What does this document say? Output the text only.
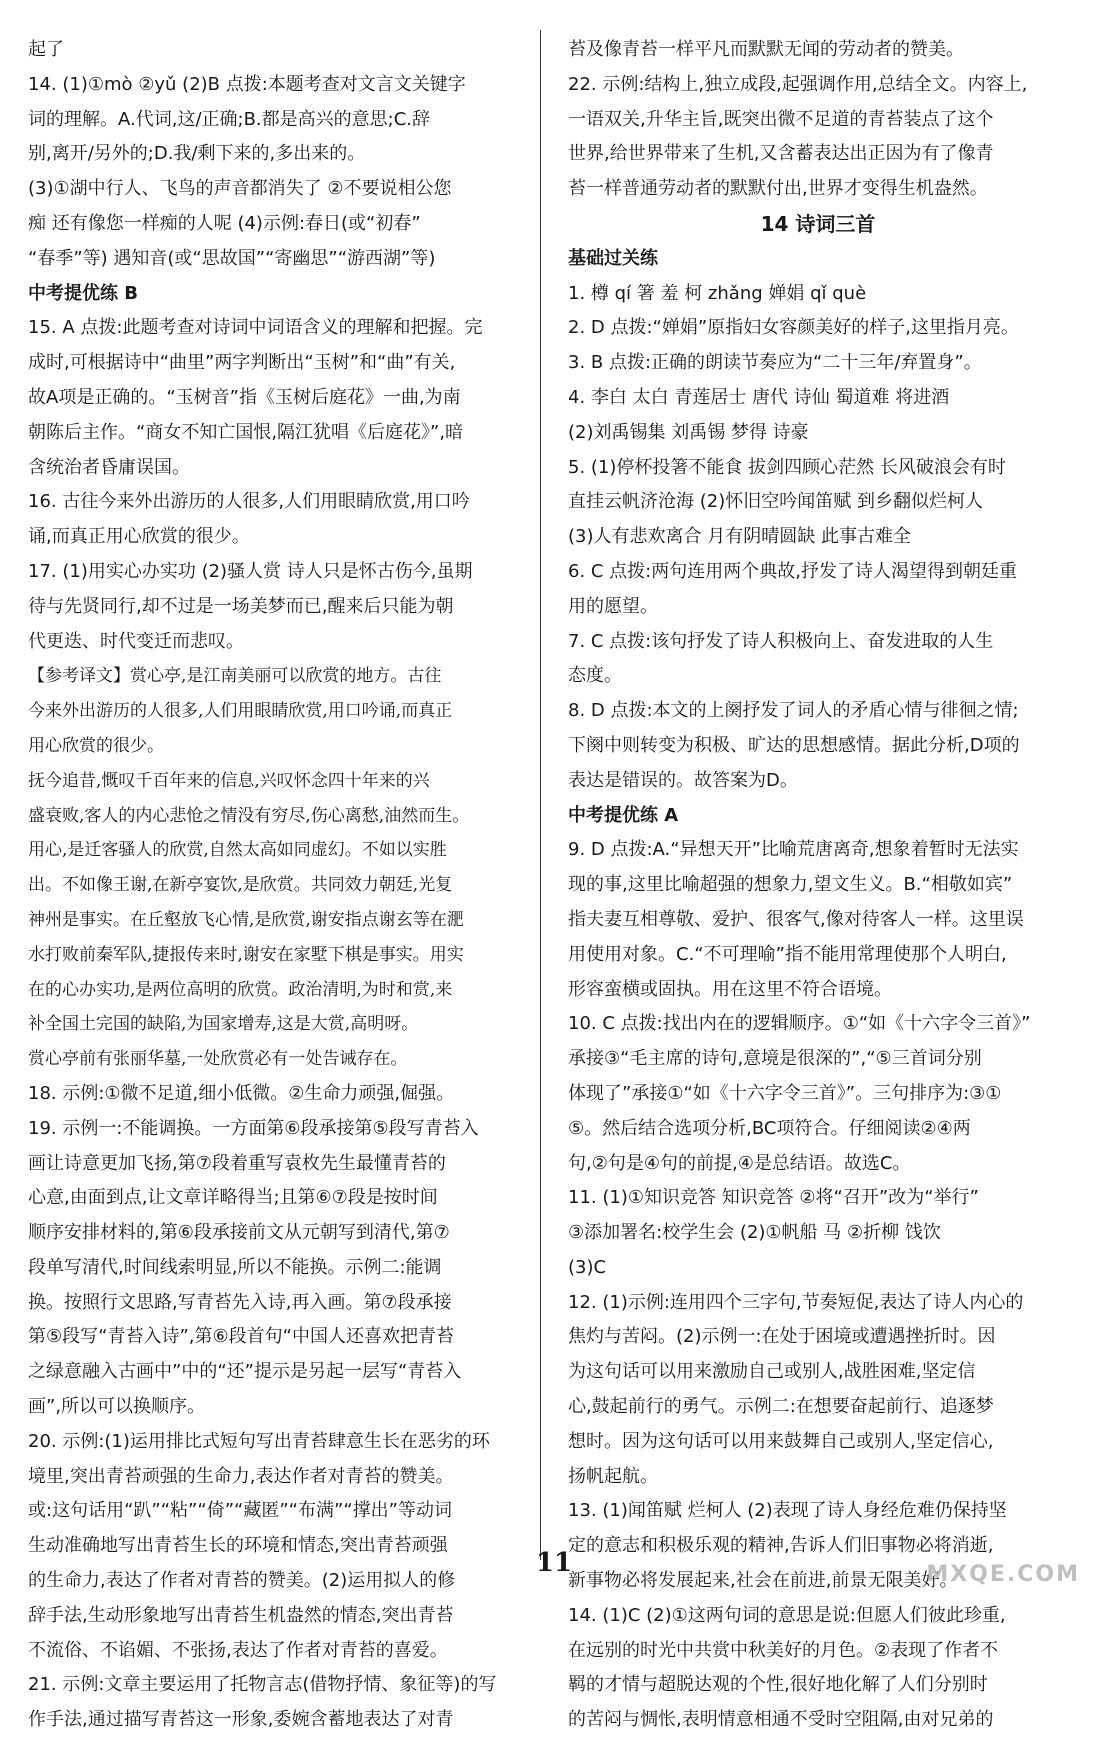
起了
14. (1)①mò ②yǔ (2)B 点拨:本题考查对文言文关键字
词的理解。A.代词,这/正确;B.都是高兴的意思;C.辞
别,离开/另外的;D.我/剩下来的,多出来的。
(3)①湖中行人、飞鸟的声音都消失了 ②不要说相公您
痴 还有像您一样痴的人呢 (4)示例:春日(或“初春”
“春季”等) 遇知音(或“思故国”“寄幽思”“游西湖”等)
中考提优练 B
15. A 点拨:此题考查对诗词中词语含义的理解和把握。完
成时,可根据诗中“曲里”两字判断出“玉树”和“曲”有关,
故A项是正确的。“玉树音”指《玉树后庭花》一曲,为南
朝陈后主作。“商女不知亡国恨,隔江犹唱《后庭花》”,暗
含统治者昏庸误国。
16. 古往今来外出游历的人很多,人们用眼睛欣赏,用口吟
诵,而真正用心欣赏的很少。
17. (1)用实心办实功 (2)骚人赏 诗人只是怀古伤今,虽期
待与先贤同行,却不过是一场美梦而已,醒来后只能为朝
代更迭、时代变迁而悲叹。
【参考译文】赏心亭,是江南美丽可以欣赏的地方。古往
今来外出游历的人很多,人们用眼睛欣赏,用口吟诵,而真正
用心欣赏的很少。
抚今追昔,慨叹千百年来的信息,兴叹怀念四十年来的兴
盛衰败,客人的内心悲怆之情没有穷尽,伤心离愁,油然而生。
用心,是迁客骚人的欣赏,自然太高如同虚幻。不如以实胜
出。不如像王谢,在新亭宴饮,是欣赏。共同效力朝廷,光复
神州是事实。在丘壑放飞心情,是欣赏,谢安指点谢玄等在淝
水打败前秦军队,捷报传来时,谢安在家墅下棋是事实。用实
在的心办实功,是两位高明的欣赏。政治清明,为时和赏,来
补全国土完国的缺陷,为国家增寿,这是大赏,高明呀。
赏心亭前有张丽华墓,一处欣赏必有一处告诫存在。
18. 示例:①微不足道,细小低微。②生命力顽强,倔强。
19. 示例一:不能调换。一方面第⑥段承接第⑤段写青苔入
画让诗意更加飞扬,第⑦段着重写袁枚先生最懂青苔的
心意,由面到点,让文章详略得当;且第⑥⑦段是按时间
顺序安排材料的,第⑥段承接前文从元朝写到清代,第⑦
段单写清代,时间线索明显,所以不能换。示例二:能调
换。按照行文思路,写青苔先入诗,再入画。第⑦段承接
第⑤段写“青苔入诗”,第⑥段首句“中国人还喜欢把青苔
之绿意融入古画中”中的“还”提示是另起一层写“青苔入
画”,所以可以换顺序。
20. 示例:(1)运用排比式短句写出青苔肆意生长在恶劣的环
境里,突出青苔顽强的生命力,表达作者对青苔的赞美。
或:这句话用“趴”“粘”“倚”“藏匿”“布满”“撑出”等动词
生动准确地写出青苔生长的环境和情态,突出青苔顽强
的生命力,表达了作者对青苔的赞美。(2)运用拟人的修
辞手法,生动形象地写出青苔生机盎然的情态,突出青苔
不流俗、不谄媚、不张扬,表达了作者对青苔的喜爱。
21. 示例:文章主要运用了托物言志(借物抒情、象征等)的写
作手法,通过描写青苔这一形象,委婉含蓄地表达了对青
苔及像青苔一样平凡而默默无闻的劳动者的赞美。
22. 示例:结构上,独立成段,起强调作用,总结全文。内容上,
一语双关,升华主旨,既突出微不足道的青苔装点了这个
世界,给世界带来了生机,又含蓄表达出正因为有了像青
苔一样普通劳动者的默默付出,世界才变得生机盎然。
14 诗词三首
基础过关练
1. 樽 qí 箸 羞 柯 zhǎng 婵娟 qǐ què
2. D 点拨:“婵娟”原指妇女容颜美好的样子,这里指月亮。
3. B 点拨:正确的朗读节奏应为“二十三年/弃置身”。
4. 李白 太白 青莲居士 唐代 诗仙 蜀道难 将进酒
(2)刘禹锡集 刘禹锡 梦得 诗豪
5. (1)停杯投箸不能食 拔剑四顾心茫然 长风破浪会有时
直挂云帆济沧海 (2)怀旧空吟闻笛赋 到乡翻似烂柯人
(3)人有悲欢离合 月有阴晴圆缺 此事古难全
6. C 点拨:两句连用两个典故,抒发了诗人渴望得到朝廷重
用的愿望。
7. C 点拨:该句抒发了诗人积极向上、奋发进取的人生
态度。
8. D 点拨:本文的上阕抒发了词人的矛盾心情与徘徊之情;
下阕中则转变为积极、旷达的思想感情。据此分析,D项的
表达是错误的。故答案为D。
中考提优练 A
9. D 点拨:A.“异想天开”比喻荒唐离奇,想象着暂时无法实
现的事,这里比喻超强的想象力,望文生义。B.“相敬如宾”
指夫妻互相尊敬、爱护、很客气,像对待客人一样。这里误
用使用对象。C.“不可理喻”指不能用常理使那个人明白,
形容蛮横或固执。用在这里不符合语境。
10. C 点拨:找出内在的逻辑顺序。①“如《十六字令三首》”
承接③“毛主席的诗句,意境是很深的”,“⑤三首词分别
体现了”承接①“如《十六字令三首》”。三句排序为:③①
⑤。然后结合选项分析,BC项符合。仔细阅读②④两
句,②句是④句的前提,④是总结语。故选C。
11. (1)①知识竞答 知识竞答 ②将“召开”改为“举行”
③添加署名:校学生会 (2)①帆船 马 ②折柳 饯饮
(3)C
12. (1)示例:连用四个三字句,节奏短促,表达了诗人内心的
焦灼与苦闷。(2)示例一:在处于困境或遭遇挫折时。因
为这句话可以用来激励自己或别人,战胜困难,坚定信
心,鼓起前行的勇气。示例二:在想要奋起前行、追逐梦
想时。因为这句话可以用来鼓舞自己或别人,坚定信心,
扬帆起航。
13. (1)闻笛赋 烂柯人 (2)表现了诗人身经危难仍保持坚
定的意志和积极乐观的精神,告诉人们旧事物必将消逝,
新事物必将发展起来,社会在前进,前景无限美好。
14. (1)C (2)①这两句词的意思是说:但愿人们彼此珍重,
在远别的时光中共赏中秋美好的月色。②表现了作者不
羁的才情与超脱达观的个性,很好地化解了人们分别时
的苦闷与惆怅,表明情意相通不受时空阻隔,由对兄弟的
11	MXQE.COM
